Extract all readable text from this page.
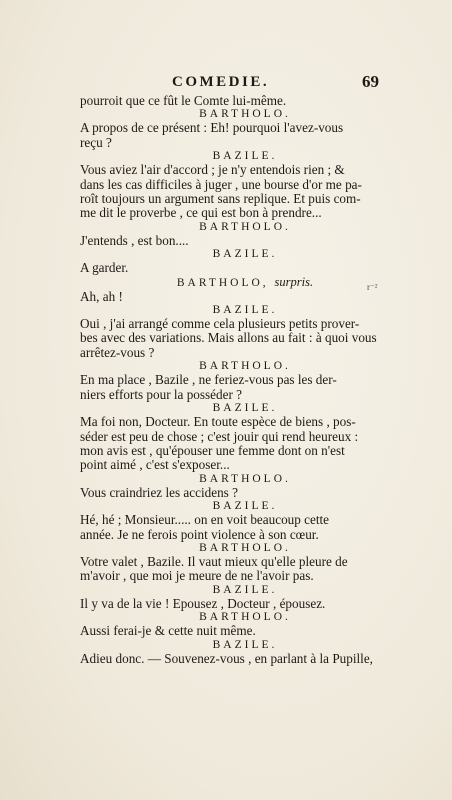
COMEDIE.	69
r⁻²

pourroit que ce fût le Comte lui-même.

BARTHOLO.

A propos de ce présent : Eh! pourquoi l'avez-vous

reçu ?

BAZILE.

Vous aviez l'air d'accord ; je n'y entendois rien ; &

dans les cas difficiles à juger , une bourse d'or me pa-

roît toujours un argument sans replique. Et puis com-

me dit le proverbe , ce qui est bon à prendre...

BARTHOLO.

J'entends , est bon....

BAZILE.

A garder.

BARTHOLO, surpris.

Ah, ah !

BAZILE.

Oui , j'ai arrangé comme cela plusieurs petits prover-

bes avec des variations. Mais allons au fait : à quoi vous

arrêtez-vous ?

BARTHOLO.

En ma place , Bazile , ne feriez-vous pas les der-

niers efforts pour la posséder ?

BAZILE.

Ma foi non, Docteur. En toute espèce de biens , pos-

séder est peu de chose ; c'est jouir qui rend heureux :

mon avis est , qu'épouser une femme dont on n'est

point aimé , c'est s'exposer...

BARTHOLO.

Vous craindriez les accidens ?

BAZILE.

Hé, hé ; Monsieur..... on en voit beaucoup cette

année. Je ne ferois point violence à son cœur.

BARTHOLO.

Votre valet , Bazile. Il vaut mieux qu'elle pleure de

m'avoir , que moi je meure de ne l'avoir pas.

BAZILE.

Il y va de la vie ! Epousez , Docteur , épousez.

BARTHOLO.

Aussi ferai-je & cette nuit même.

BAZILE.

Adieu donc. — Souvenez-vous , en parlant à la Pupille,
